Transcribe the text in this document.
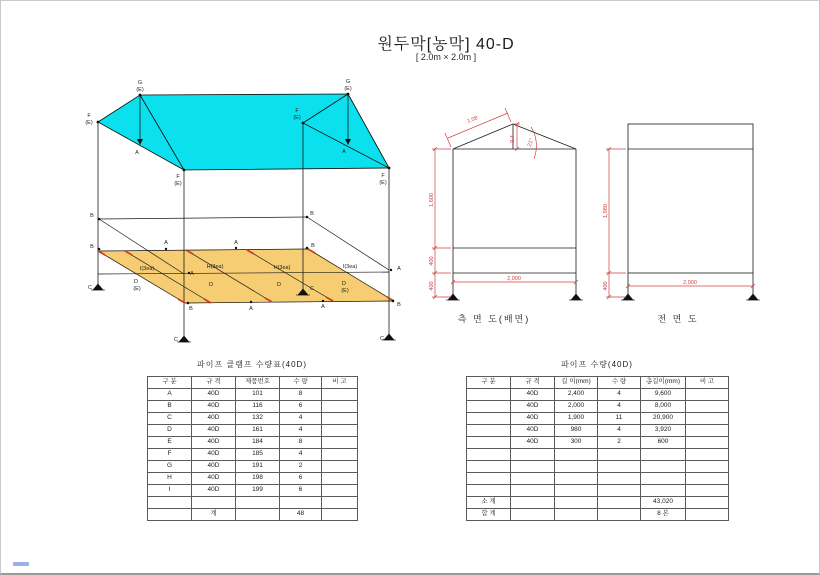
원두막[농막] 40-D
[ 2.0m × 2.0m ]
G
(E)
G
(E)
F
(E)
F
(E)
F
(E)
F
(E)
A	A
B	B
B	B
B
B
C	C
C	C
A	A
A	A
A
A
D
(E)
D	D	D
(E)
I(3ea)	H(3ea)	H(3ea)	I(3ea)
1.08
0.4 21°
1,600
400
400
2,000
1,980
400	2,000
측 면 도(배면)	전 면 도
파이프 클램프 수량표(40D)
구 분	규 격	제품번호	수 량	비 고
A	40D	101	8	
B	40D	116	6	
C	40D	132	4	
D	40D	161	4	
E	40D	184	8	
F	40D	185	4	
G	40D	191	2	
H	40D	198	6	
I	40D	199	6	

	계		48	
파이프 수량(40D)
구 분	규 격	길 이(mm)	수 량	총길이(mm)	비 고
	40D	2,400	4	9,600	
	40D	2,000	4	8,000	
	40D	1,900	11	20,900	
	40D	980	4	3,920	
	40D	300	2	600	

소 계				43,020	
합 계				8 본	
